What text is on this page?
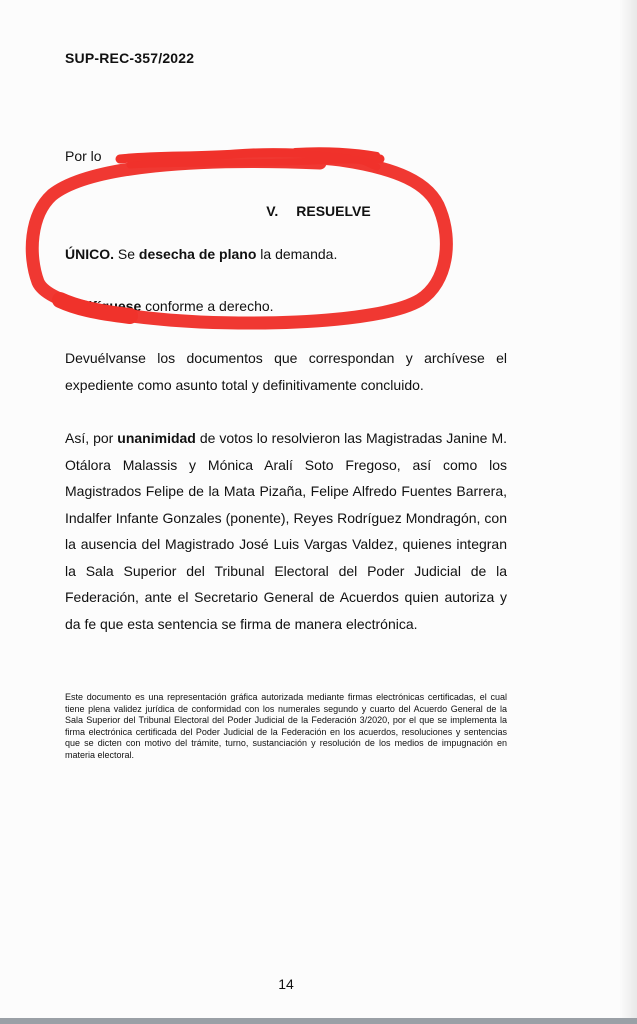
SUP-REC-357/2022
Por lo
V. RESUELVE
ÚNICO. Se desecha de plano la demanda.
Notifíquese conforme a derecho.
Devuélvanse los documentos que correspondan y archívese el expediente como asunto total y definitivamente concluido.
Así, por unanimidad de votos lo resolvieron las Magistradas Janine M. Otálora Malassis y Mónica Aralí Soto Fregoso, así como los Magistrados Felipe de la Mata Pizaña, Felipe Alfredo Fuentes Barrera, Indalfer Infante Gonzales (ponente), Reyes Rodríguez Mondragón, con la ausencia del Magistrado José Luis Vargas Valdez, quienes integran la Sala Superior del Tribunal Electoral del Poder Judicial de la Federación, ante el Secretario General de Acuerdos quien autoriza y da fe que esta sentencia se firma de manera electrónica.
Este documento es una representación gráfica autorizada mediante firmas electrónicas certificadas, el cual tiene plena validez jurídica de conformidad con los numerales segundo y cuarto del Acuerdo General de la Sala Superior del Tribunal Electoral del Poder Judicial de la Federación 3/2020, por el que se implementa la firma electrónica certificada del Poder Judicial de la Federación en los acuerdos, resoluciones y sentencias que se dicten con motivo del trámite, turno, sustanciación y resolución de los medios de impugnación en materia electoral.
14
